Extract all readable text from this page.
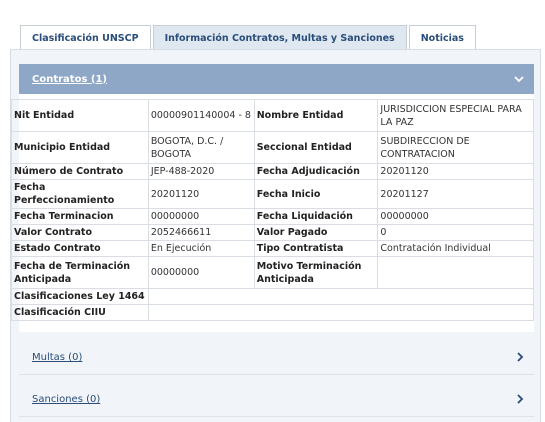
Clasificación UNSCP	Información Contratos, Multas y Sanciones	Noticias
Contratos (1)
Nit Entidad	00000901140004 - 8	Nombre Entidad	JURISDICCION ESPECIAL PARA LA PAZ
Municipio Entidad	BOGOTA, D.C. / BOGOTA	Seccional Entidad	SUBDIRECCION DE CONTRATACION
Número de Contrato	JEP-488-2020	Fecha Adjudicación	20201120
Fecha Perfeccionamiento	20201120	Fecha Inicio	20201127
Fecha Terminacion	00000000	Fecha Liquidación	00000000
Valor Contrato	2052466611	Valor Pagado	0
Estado Contrato	En Ejecución	Tipo Contratista	Contratación Individual
Fecha de Terminación Anticipada	00000000	Motivo Terminación Anticipada	
Clasificaciones Ley 1464			
Clasificación CIIU			
Multas (0)
Sanciones (0)
